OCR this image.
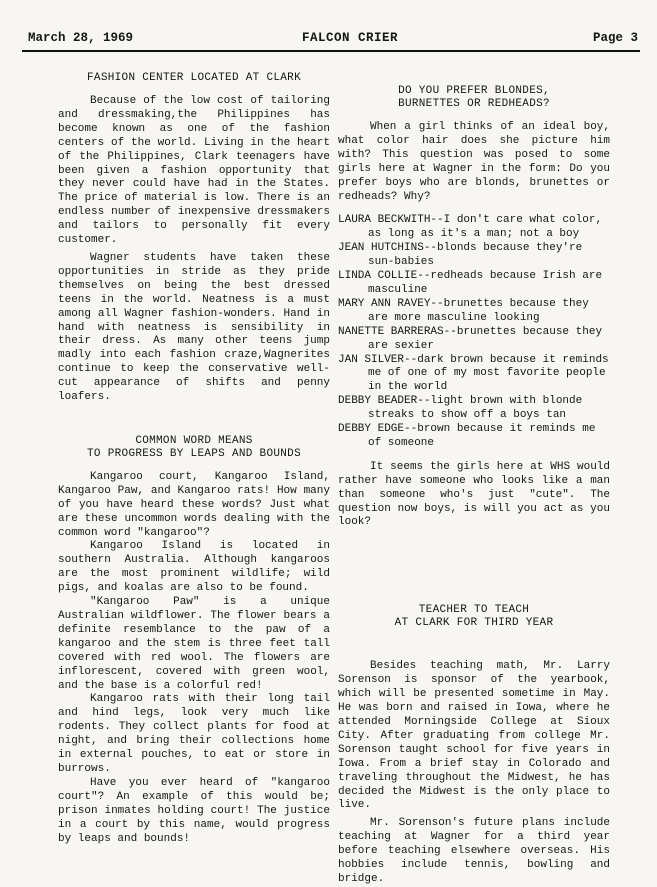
March 28, 1969	FALCON CRIER	Page 3

FASHION CENTER LOCATED AT CLARK

Because of the low cost of tailoring and dressmaking,the Philippines has become known as one of the fashion centers of the world. Living in the heart of the Philippines, Clark teenagers have been given a fashion opportunity that they never could have had in the States. The price of material is low. There is an endless number of inexpensive dressmakers and tailors to personally fit every customer.

Wagner students have taken these opportunities in stride as they pride themselves on being the best dressed teens in the world. Neatness is a must among all Wagner fashion-wonders. Hand in hand with neatness is sensibility in their dress. As many other teens jump madly into each fashion craze,Wagnerites continue to keep the conservative well-cut appearance of shifts and penny loafers.

COMMON WORD MEANS
TO PROGRESS BY LEAPS AND BOUNDS

Kangaroo court, Kangaroo Island, Kangaroo Paw, and Kangaroo rats! How many of you have heard these words? Just what are these uncommon words dealing with the common word "kangaroo"?

Kangaroo Island is located in southern Australia. Although kangaroos are the most prominent wildlife; wild pigs, and koalas are also to be found.

"Kangaroo Paw" is a unique Australian wildflower. The flower bears a definite resemblance to the paw of a kangaroo and the stem is three feet tall covered with red wool. The flowers are inflorescent, covered with green wool, and the base is a colorful red!

Kangaroo rats with their long tail and hind legs, look very much like rodents. They collect plants for food at night, and bring their collections home in external pouches, to eat or store in burrows.

Have you ever heard of "kangaroo court"? An example of this would be; prison inmates holding court! The justice in a court by this name, would progress by leaps and bounds!

DO YOU PREFER BLONDES,
BURNETTES OR REDHEADS?

When a girl thinks of an ideal boy, what color hair does she picture him with? This question was posed to some girls here at Wagner in the form: Do you prefer boys who are blonds, brunettes or redheads? Why?

LAURA BECKWITH--I don't care what color, as long as it's a man; not a boy

JEAN HUTCHINS--blonds because they're sun-babies

LINDA COLLIE--redheads because Irish are masculine

MARY ANN RAVEY--brunettes because they are more masculine looking

NANETTE BARRERAS--brunettes because they are sexier

JAN SILVER--dark brown because it reminds me of one of my most favorite people in the world

DEBBY BEADER--light brown with blonde streaks to show off a boys tan

DEBBY EDGE--brown because it reminds me of someone

It seems the girls here at WHS would rather have someone who looks like a man than someone who's just "cute". The question now boys, is will you act as you look?

TEACHER TO TEACH
AT CLARK FOR THIRD YEAR

Besides teaching math, Mr. Larry Sorenson is sponsor of the yearbook, which will be presented sometime in May. He was born and raised in Iowa, where he attended Morningside College at Sioux City. After graduating from college Mr. Sorenson taught school for five years in Iowa. From a brief stay in Colorado and traveling throughout the Midwest, he has decided the Midwest is the only place to live.

Mr. Sorenson's future plans include teaching at Wagner for a third year before teaching elsewhere overseas. His hobbies include tennis, bowling and bridge.
